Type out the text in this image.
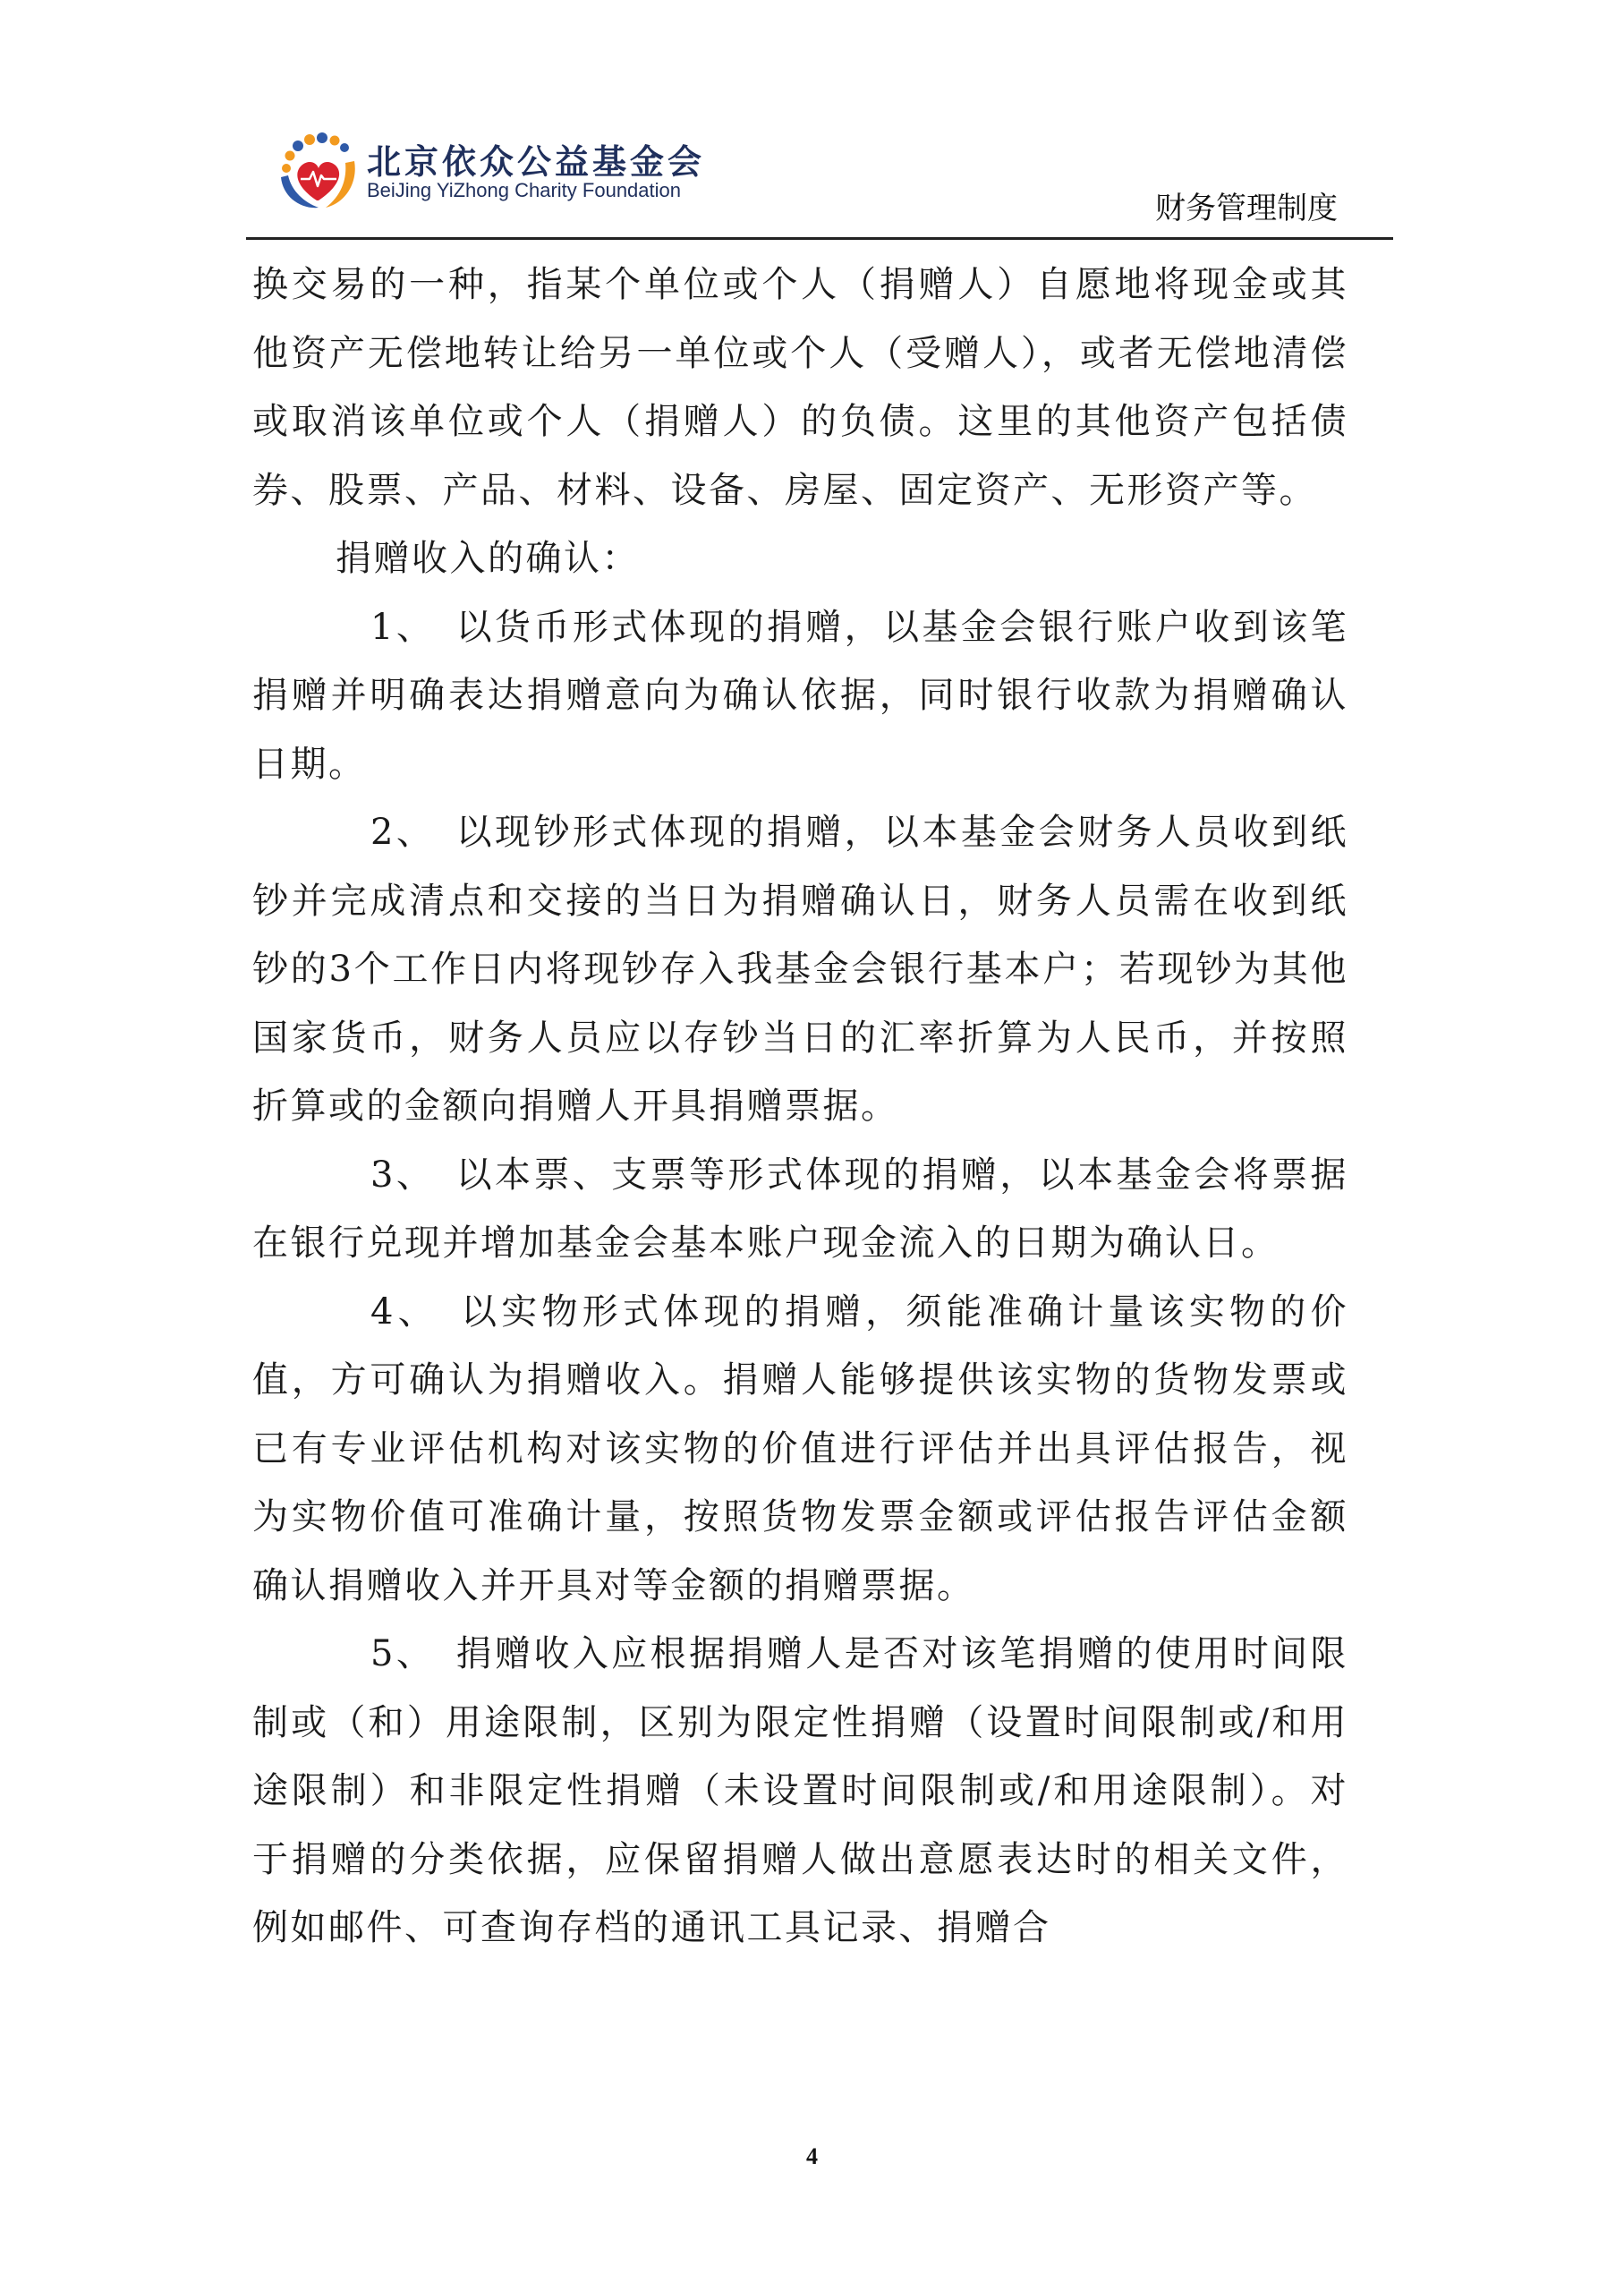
北京依众公益基金会
BeiJing YiZhong Charity Foundation
财务管理制度

换交易的一种，指某个单位或个人（捐赠人）自愿地将现金或其他资产无偿地转让给另一单位或个人（受赠人），或者无偿地清偿或取消该单位或个人（捐赠人）的负债。这里的其他资产包括债券、股票、产品、材料、设备、房屋、固定资产、无形资产等。

捐赠收入的确认：

1、　以货币形式体现的捐赠，以基金会银行账户收到该笔捐赠并明确表达捐赠意向为确认依据，同时银行收款为捐赠确认日期。

2、　以现钞形式体现的捐赠，以本基金会财务人员收到纸钞并完成清点和交接的当日为捐赠确认日，财务人员需在收到纸钞的3个工作日内将现钞存入我基金会银行基本户；若现钞为其他国家货币，财务人员应以存钞当日的汇率折算为人民币，并按照折算或的金额向捐赠人开具捐赠票据。

3、　以本票、支票等形式体现的捐赠，以本基金会将票据在银行兑现并增加基金会基本账户现金流入的日期为确认日。

4、　以实物形式体现的捐赠，须能准确计量该实物的价值，方可确认为捐赠收入。捐赠人能够提供该实物的货物发票或已有专业评估机构对该实物的价值进行评估并出具评估报告，视为实物价值可准确计量，按照货物发票金额或评估报告评估金额确认捐赠收入并开具对等金额的捐赠票据。

5、　捐赠收入应根据捐赠人是否对该笔捐赠的使用时间限制或（和）用途限制，区别为限定性捐赠（设置时间限制或/和用途限制）和非限定性捐赠（未设置时间限制或/和用途限制）。对于捐赠的分类依据，应保留捐赠人做出意愿表达时的相关文件，例如邮件、可查询存档的通讯工具记录、捐赠合

4
